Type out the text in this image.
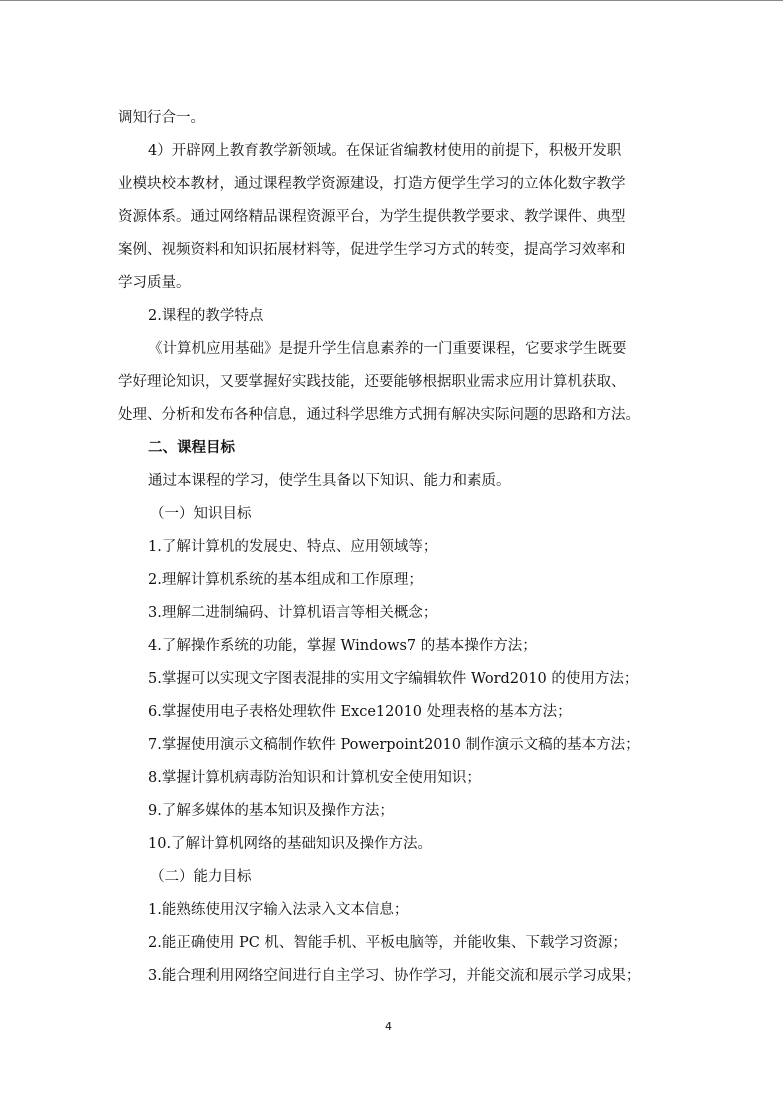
调知行合一。
4）开辟网上教育教学新领域。在保证省编教材使用的前提下，积极开发职
业模块校本教材，通过课程教学资源建设，打造方便学生学习的立体化数字教学
资源体系。通过网络精品课程资源平台，为学生提供教学要求、教学课件、典型
案例、视频资料和知识拓展材料等，促进学生学习方式的转变，提高学习效率和
学习质量。
2.课程的教学特点
《计算机应用基础》是提升学生信息素养的一门重要课程，它要求学生既要
学好理论知识，又要掌握好实践技能，还要能够根据职业需求应用计算机获取、
处理、分析和发布各种信息，通过科学思维方式拥有解决实际问题的思路和方法。
二、课程目标
通过本课程的学习，使学生具备以下知识、能力和素质。
（一）知识目标
1.了解计算机的发展史、特点、应用领域等；
2.理解计算机系统的基本组成和工作原理；
3.理解二进制编码、计算机语言等相关概念；
4.了解操作系统的功能，掌握 Windows7 的基本操作方法；
5.掌握可以实现文字图表混排的实用文字编辑软件 Word2010 的使用方法；
6.掌握使用电子表格处理软件 Exce12010 处理表格的基本方法；
7.掌握使用演示文稿制作软件 Powerpoint2010 制作演示文稿的基本方法；
8.掌握计算机病毒防治知识和计算机安全使用知识；
9.了解多媒体的基本知识及操作方法；
10.了解计算机网络的基础知识及操作方法。
（二）能力目标
1.能熟练使用汉字输入法录入文本信息；
2.能正确使用 PC 机、智能手机、平板电脑等，并能收集、下载学习资源；
3.能合理利用网络空间进行自主学习、协作学习，并能交流和展示学习成果；
4
